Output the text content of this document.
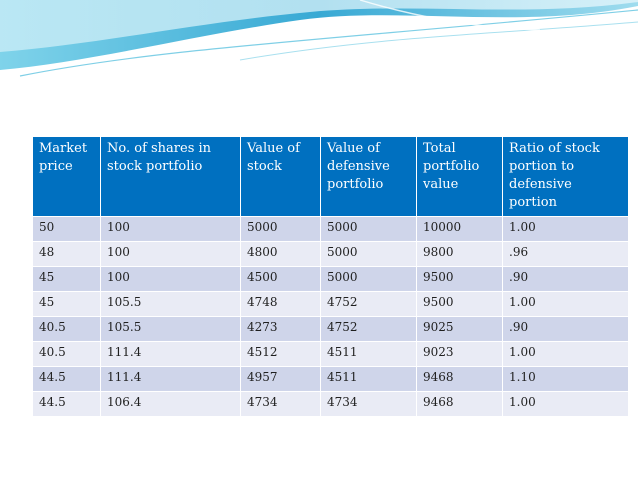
Market price	No. of shares in stock portfolio	Value of stock	Value of defensive portfolio	Total portfolio value	Ratio of stock portion to defensive portion
50	100	5000	5000	10000	1.00
48	100	4800	5000	9800	.96
45	100	4500	5000	9500	.90
45	105.5	4748	4752	9500	1.00
40.5	105.5	4273	4752	9025	.90
40.5	111.4	4512	4511	9023	1.00
44.5	111.4	4957	4511	9468	1.10
44.5	106.4	4734	4734	9468	1.00
